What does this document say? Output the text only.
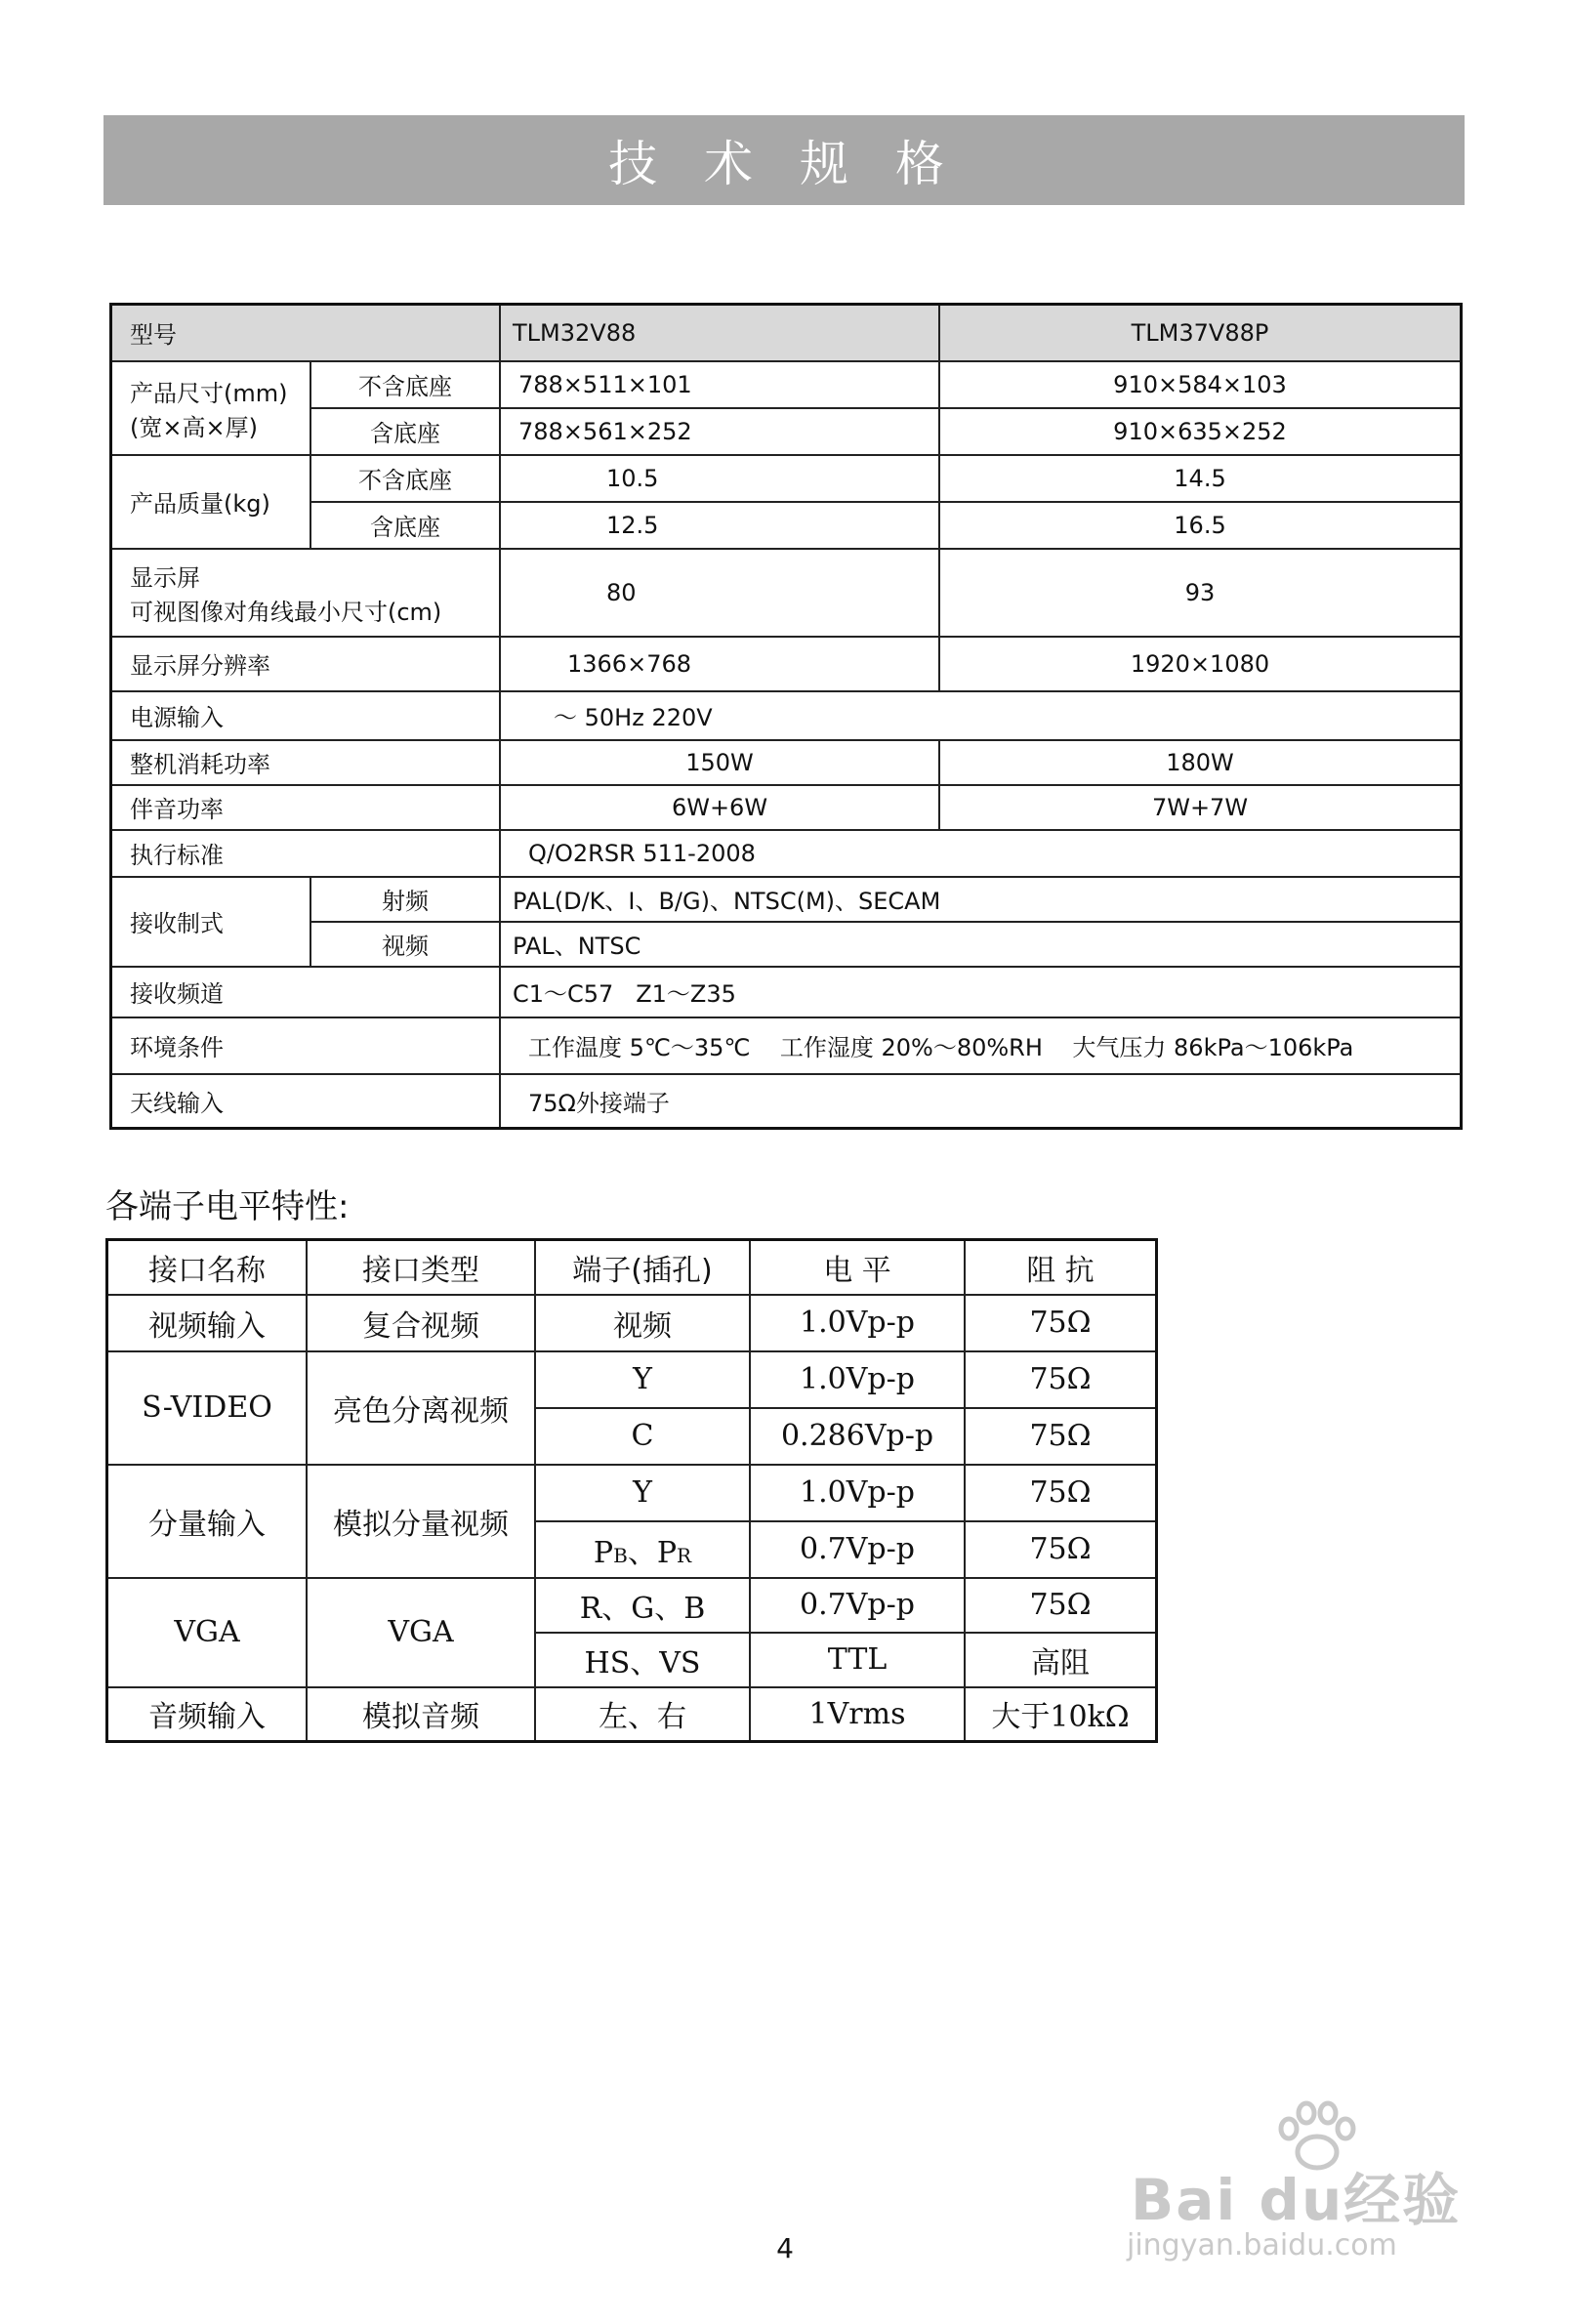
技 术 规 格
型号		TLM32V88	TLM37V88P

产品尺寸(mm)
(宽×高×厚)	不含底座	788×511×101	910×584×103
	含底座	788×561×252	910×635×252
产品质量(kg)	不含底座	10.5	14.5
	含底座	12.5	16.5

显示屏
可视图像对角线最小尺寸(cm)		80	93
显示屏分辨率		1366×768	1920×1080
电源输入		～ 50Hz 220V	
整机消耗功率		150W	180W
伴音功率		6W+6W	7W+7W
执行标准		Q/O2RSR 511-2008	
接收制式	射频	PAL(D/K、I、B/G)、NTSC(M)、SECAM	
	视频	PAL、NTSC	
接收频道		C1～C57   Z1～Z35	
环境条件		工作温度 5℃～35℃    工作湿度 20%～80%RH    大气压力 86kPa～106kPa	
天线输入		75Ω外接端子	
各端子电平特性:
接口名称	接口类型	端子(插孔)	电 平	阻 抗
视频输入	复合视频	视频	1.0Vp-p	75Ω
S-VIDEO	亮色分离视频	Y	1.0Vp-p	75Ω
		C	0.286Vp-p	75Ω
分量输入	模拟分量视频	Y	1.0Vp-p	75Ω
		PB、PR	0.7Vp-p	75Ω
VGA	VGA	R、G、B	0.7Vp-p	75Ω
		HS、VS	TTL	高阻
音频输入	模拟音频	左、右	1Vrms	大于10kΩ
Bai du经验
jingyan.baidu.com
4
